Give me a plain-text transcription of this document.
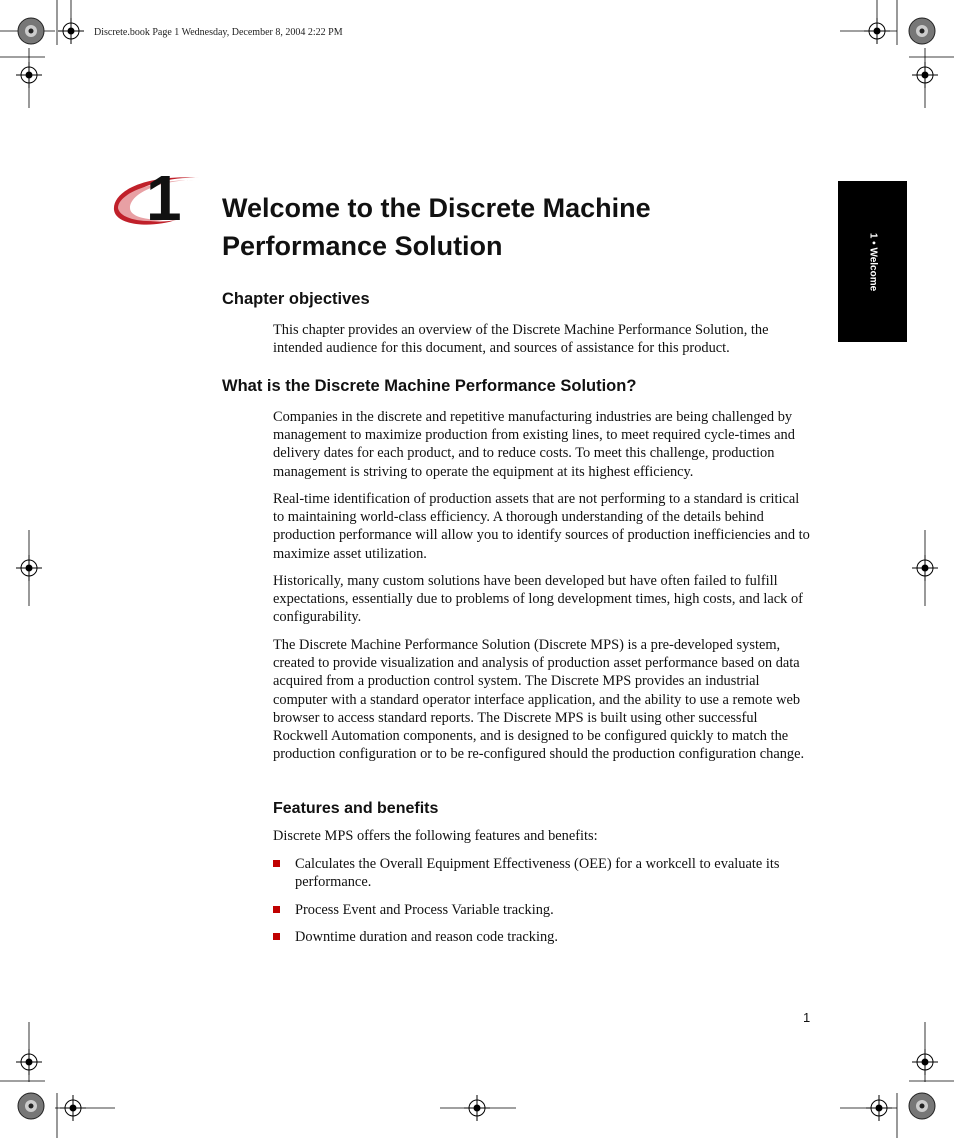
Discrete.book Page 1 Wednesday, December 8, 2004 2:22 PM
1 • Welcome
1 Welcome to the Discrete Machine
Performance Solution
Chapter objectives

This chapter provides an overview of the Discrete Machine Performance Solution, the intended audience for this document, and sources of assistance for this product.

What is the Discrete Machine Performance Solution?

Companies in the discrete and repetitive manufacturing industries are being challenged by management to maximize production from existing lines, to meet required cycle-times and delivery dates for each product, and to reduce costs. To meet this challenge, production management is striving to operate the equipment at its highest efficiency.

Real-time identification of production assets that are not performing to a standard is critical to maintaining world-class efficiency. A thorough understanding of the details behind production performance will allow you to identify sources of production inefficiencies and to maximize asset utilization.

Historically, many custom solutions have been developed but have often failed to fulfill expectations, essentially due to problems of long development times, high costs, and lack of configurability.

The Discrete Machine Performance Solution (Discrete MPS) is a pre-developed system, created to provide visualization and analysis of production asset performance based on data acquired from a production control system. The Discrete MPS provides an industrial computer with a standard operator interface application, and the ability to use a remote web browser to access standard reports. The Discrete MPS is built using other successful Rockwell Automation components, and is designed to be configured quickly to match the production configuration or to be re-configured should the production configuration change.

Features and benefits

Discrete MPS offers the following features and benefits:

Calculates the Overall Equipment Effectiveness (OEE) for a workcell to evaluate its performance.
Process Event and Process Variable tracking.
Downtime duration and reason code tracking.
1
